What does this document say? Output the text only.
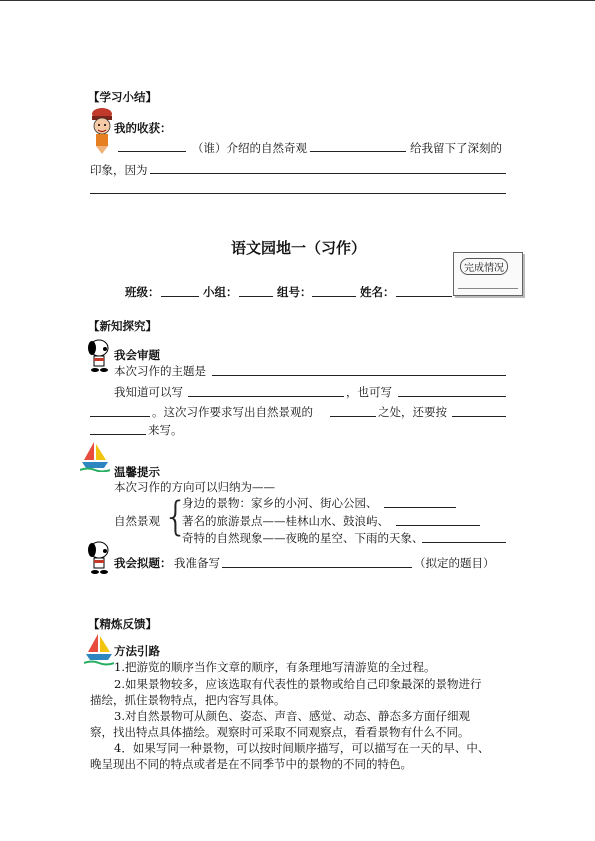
【学习小结】
我的收获：
（谁）介绍的自然奇观	给我留下了深刻的
印象，因为
语文园地一（习作）
完成情况
班级：	小组：	组号：	姓名：
【新知探究】
我会审题
本次习作的主题是
我知道可以写	，也可写
。这次习作要求写出自然景观的	之处，还要按
来写。
温馨提示
本次习作的方向可以归纳为——
自然景观 {
身边的景物：家乡的小河、街心公园、
著名的旅游景点——桂林山水、鼓浪屿、
奇特的自然现象——夜晚的星空、下雨的天象、
我会拟题： 我准备写	（拟定的题目）
【精炼反馈】
方法引路
1.把游览的顺序当作文章的顺序，有条理地写清游览的全过程。
2.如果景物较多，应该选取有代表性的景物或给自己印象最深的景物进行
描绘，抓住景物特点，把内容写具体。
3.对自然景物可从颜色、姿态、声音、感觉、动态、静态多方面仔细观
察，找出特点具体描绘。观察时可采取不同观察点，看看景物有什么不同。
4．如果写同一种景物，可以按时间顺序描写，可以描写在一天的早、中、
晚呈现出不同的特点或者是在不同季节中的景物的不同的特色。
